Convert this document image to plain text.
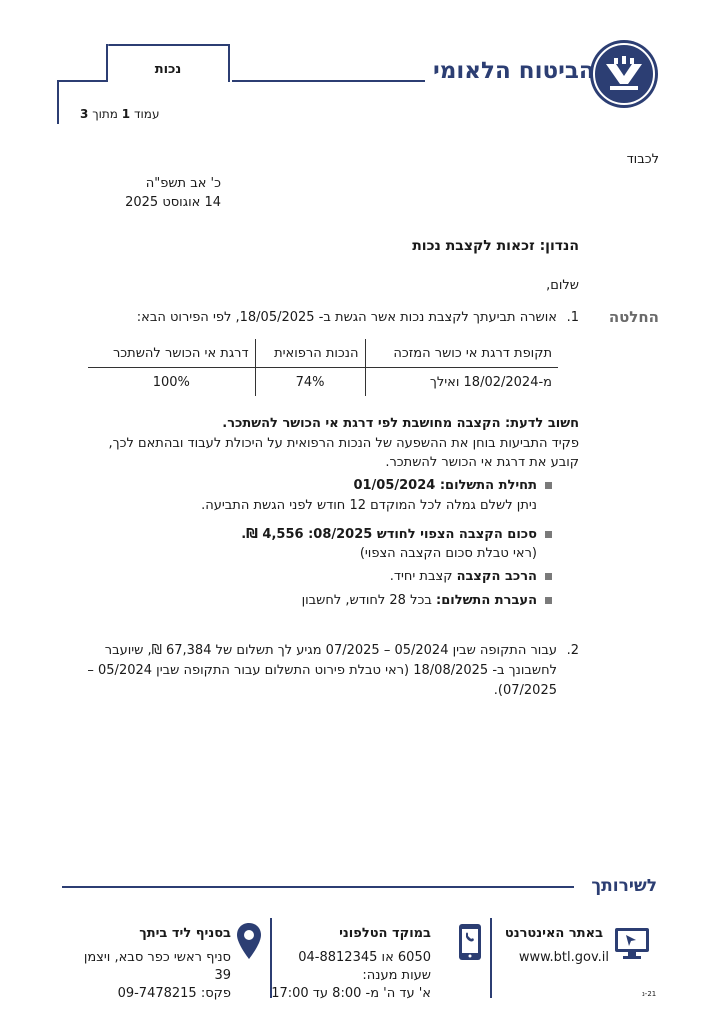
הביטוח הלאומי
נכות
עמוד 1 מתוך 3
לכבוד
כ' אב תשפ"ה
14 אוגוסט 2025
הנדון: זכאות לקצבת נכות
שלום,
החלטה
1.
אושרה תביעתך לקצבת נכות אשר הגשת ב- 18/05/2025, לפי הפירוט הבא:
תקופת דרגת אי כושר המזכה	הנכות הרפואית	דרגת אי הכושר להשתכר
מ-18/02/2024 ואילך	74%	100%
חשוב לדעת: הקצבה מחושבת לפי דרגת אי הכושר להשתכר.
פקיד התביעות בוחן את ההשפעה של הנכות הרפואית על היכולת לעבוד ובהתאם לכך,
קובע את דרגת אי הכושר להשתכר.
תחילת התשלום: 01/05/2024
ניתן לשלם גמלה לכל המוקדם 12 חודש לפני הגשת התביעה.
סכום הקצבה הצפוי לחודש 08/2025: 4,556 ₪.
(ראי טבלת סכום הקצבה הצפוי)
הרכב הקצבה קצבת יחיד.
העברת התשלום: בכל 28 לחודש, לחשבון
2.
עבור התקופה שבין 05/2024 – 07/2025 מגיע לך תשלום של 67,384 ₪, שיועבר
לחשבונך ב- 18/08/2025 (ראי טבלת פירוט התשלום עבור התקופה שבין 05/2024 –
07/2025).
לשירותך
באתר האינטרנט
www.btl.gov.il
במוקד הטלפוני
6050 או 04-8812345
שעות מענה:
א' עד ה' מ- 8:00 עד 17:00
בסניף ליד ביתך
סניף ראשי כפר סבא, ויצמן
39
פקס: 09-7478215	21-נ
